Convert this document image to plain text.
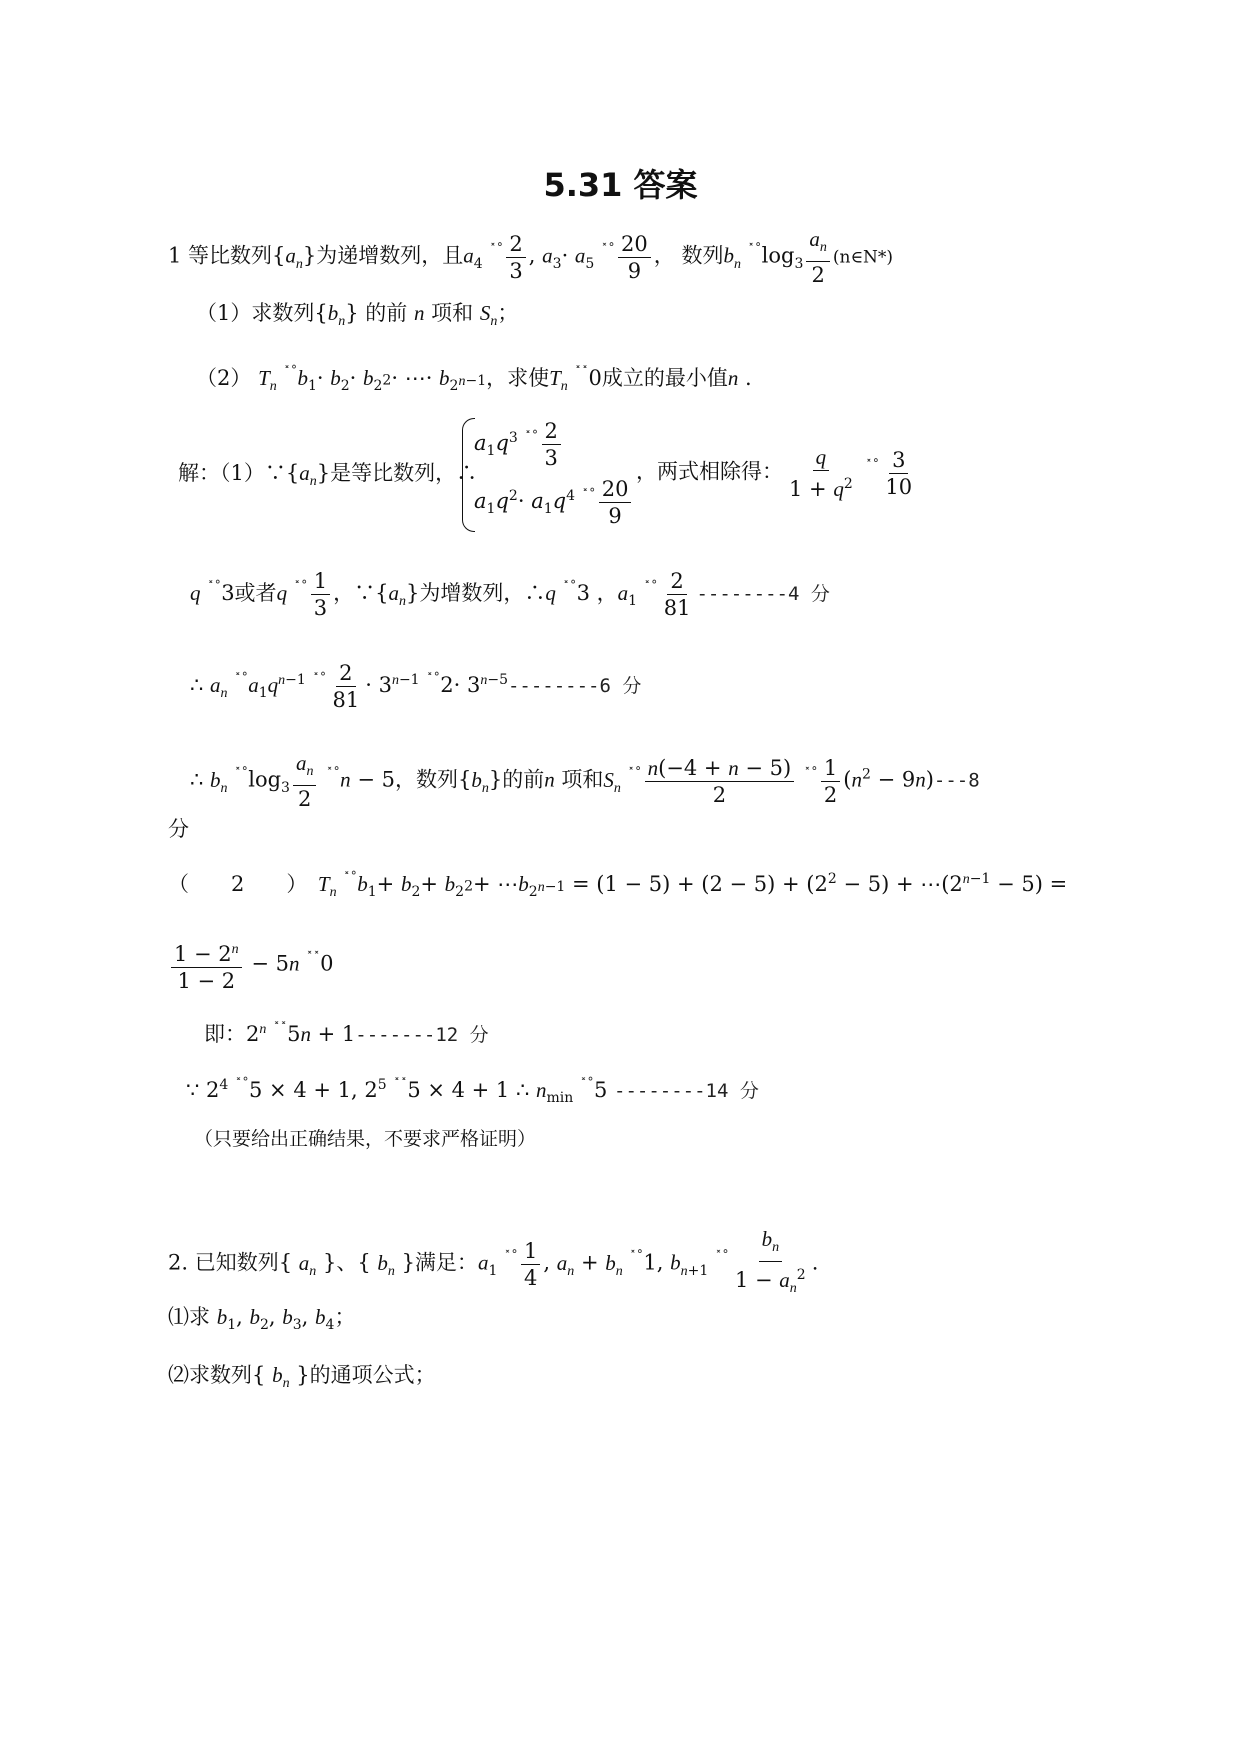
5.31 答案
1 等比数列$\{a_n\}$为递增数列，且$a_4$ $^{˟˚} \frac{2}{3}$ , $a_3\cdot a_5$ $^{˟˚} \frac{20}{9}$ ， 数列$b_n$ $^{˟˚}\log_3 \frac{a_n}{2}$ (n∈N*)
（1）求数列$\{b_n\}$ 的前 n 项和 $S_n$；
（2） $T_n$ $^{˟˚}b_1\cdot b_2\cdot b_{2^2}\cdot$ ⋯· $b_{2^{n-1}}$，求使$T_n$ ˟˟0成立的最小值n .
解：$(1)\because\{a_n\}$是等比数列，∴
$a_1q^3$ $^{˟˚} \frac{2}{3}$
$a_1q^2\cdot a_1q^4$ $^{˟˚} \frac{20}{9}$
，两式相除得： $\frac{q}{1 + q^2} ^{˟˚} \frac{3}{10}$
q ˟˚3或者q $^{˟˚} \frac{1}{3}$ ，$\because\{a_n\}$为增数列，∴q ˟˚3 ，$a_1$ $^{˟˚} \frac{2}{81} --------4$ 分
∴ $a_n$ $^{˟˚}a_1q^{n-1}$ $^{˟˚} \frac{2}{81} \cdot 3^{n-1}$ $^{˟˚}2\cdot 3^{n-5}--------6$ 分
∴ $b_n$ $^{˟˚}\log_3 \frac{a_n}{2} ^{˟˚}n - 5$，数列$\{b_n\}$的前n 项和$S_n$ $^{˟˚} \frac{n(-4 + n - 5)}{2} ^{˟˚} \frac{1}{2} (n^2 - 9n)---8$
分
（　　2　　）　 $T_n$ $^{˟˚}b_1+ b_2+ b_{2^2}+$ $\cdots b_{2^{n-1}} = (1 - 5) + (2 - 5) + (2^2 - 5)$ + $\cdots(2^{n-1} - 5)$ =
$\frac{1 - 2^n}{1 - 2} - 5n$ ˟˟0
即：2$^n$ ˟˟5n + 1-------12 分
∵ $2^4$ ˟˚5 × 4 + 1, $2^5$ ˟˟5 × 4 + 1 ∴ $n_{min}$ ˟˚5 --------14 分
（只要给出正确结果，不要求严格证明）
2. 已知数列{ $a_n$ }、{ $b_n$ }满足：$a_1$ $^{˟˚} \frac{1}{4}$ , $a_n + b_n$ ˟˚1, $b_{n+1}$ $^{˟˚} \frac{b_n}{1 - a_n^2}$ .
⑴求 $b_1$, $b_2$, $b_3$, $b_4$；
⑵求数列{ $b_n$ }的通项公式；
